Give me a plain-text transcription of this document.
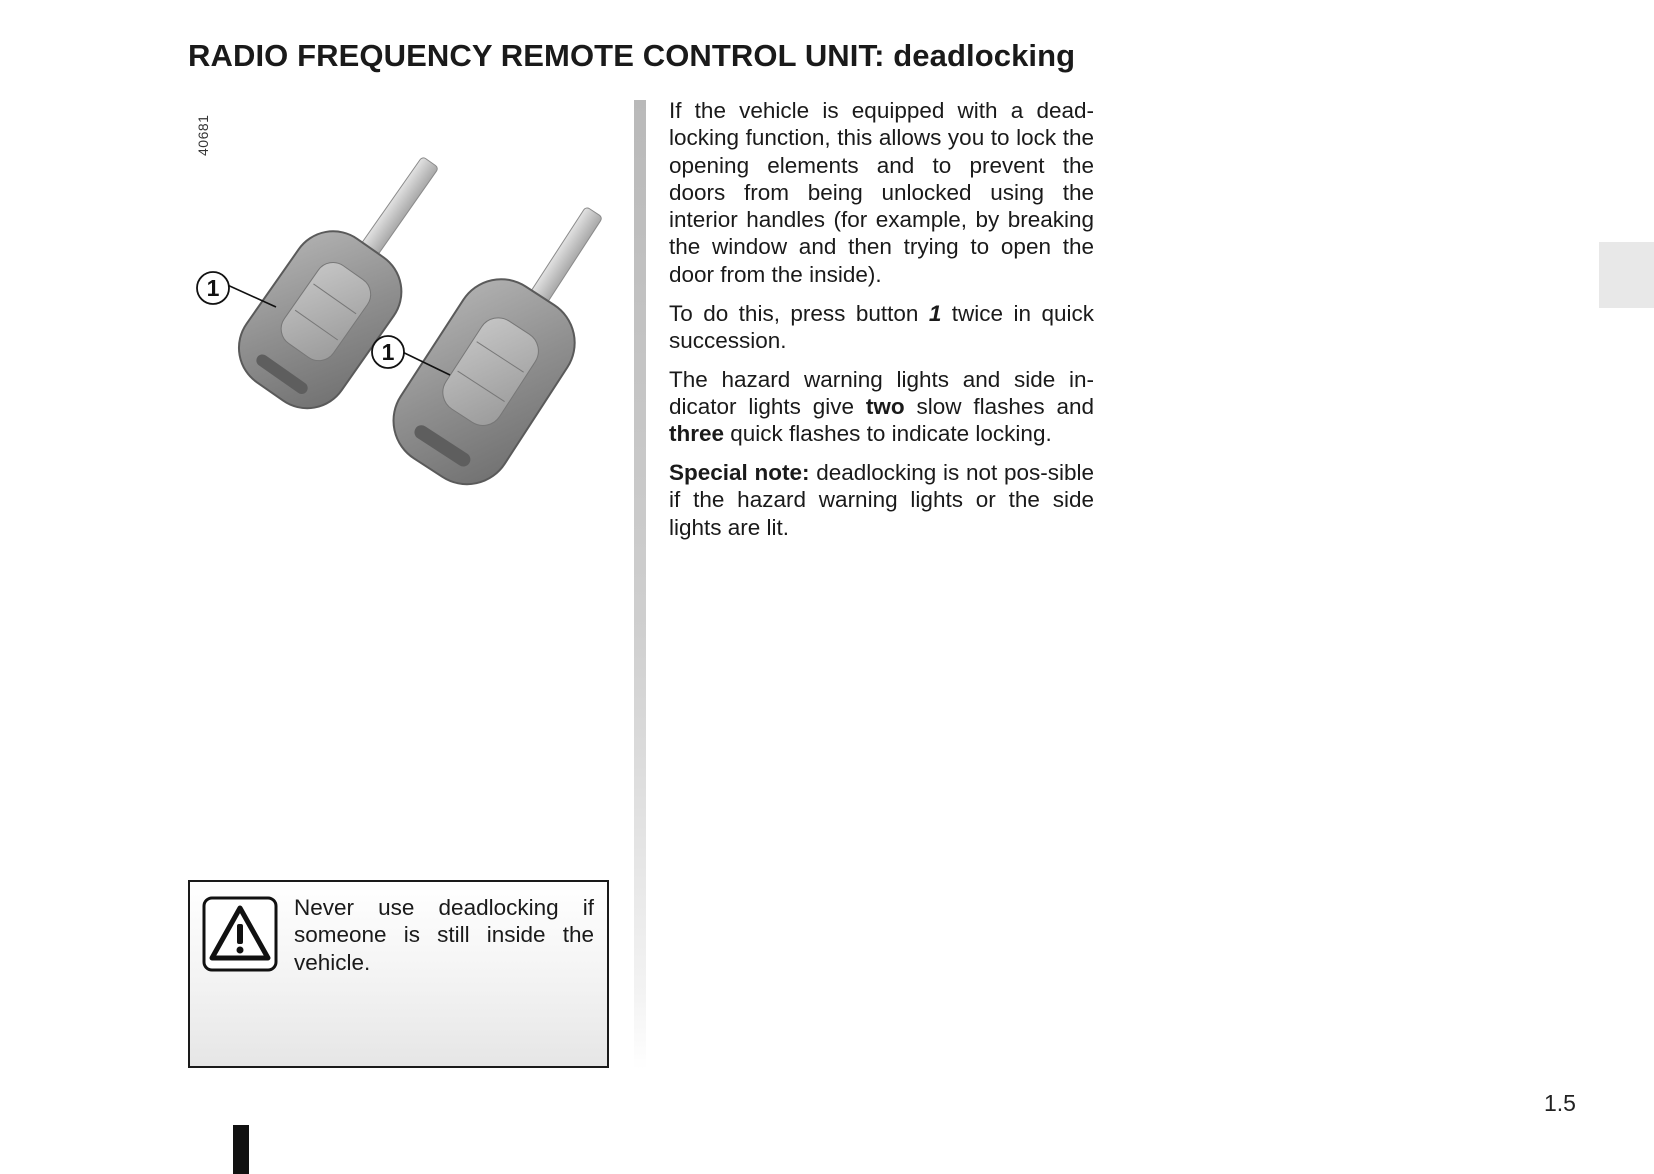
RADIO FREQUENCY REMOTE CONTROL UNIT: deadlocking
1
1
40681

If the vehicle is equipped with a dead-locking function, this allows you to lock the opening elements and to prevent the doors from being unlocked using the interior handles (for example, by breaking the window and then trying to open the door from the inside).

To do this, press button 1 twice in quick succession.

The hazard warning lights and side in-dicator lights give two slow flashes and three quick flashes to indicate locking.

Special note: deadlocking is not pos-sible if the hazard warning lights or the side lights are lit.

Never use deadlocking if someone is still inside the vehicle.
1.5
